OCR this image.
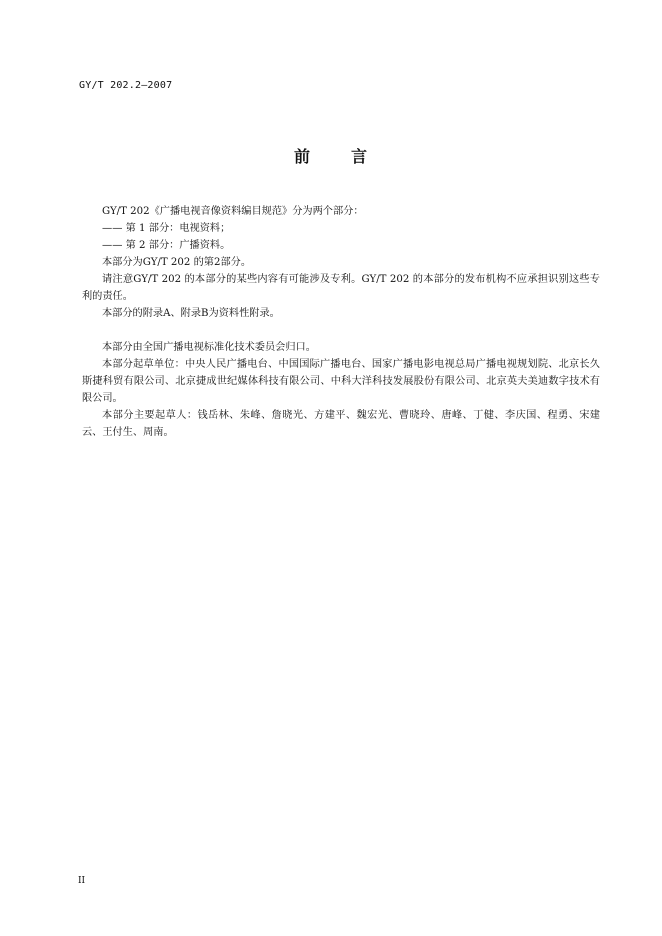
GY/T 202.2—2007
前	言

GY/T 202《广播电视音像资料编目规范》分为两个部分：

—— 第 1 部分：电视资料；

—— 第 2 部分：广播资料。

本部分为GY/T 202 的第2部分。

请注意GY/T 202 的本部分的某些内容有可能涉及专利。GY/T 202 的本部分的发布机构不应承担识别这些专利的责任。

本部分的附录A、附录B为资料性附录。

本部分由全国广播电视标准化技术委员会归口。

本部分起草单位：中央人民广播电台、中国国际广播电台、国家广播电影电视总局广播电视规划院、北京长久斯捷科贸有限公司、北京捷成世纪媒体科技有限公司、中科大洋科技发展股份有限公司、北京英夫美迪数字技术有限公司。

本部分主要起草人：钱岳林、朱峰、詹晓光、方建平、魏宏光、曹晓玲、唐峰、丁健、李庆国、程勇、宋建云、王付生、周南。

II
